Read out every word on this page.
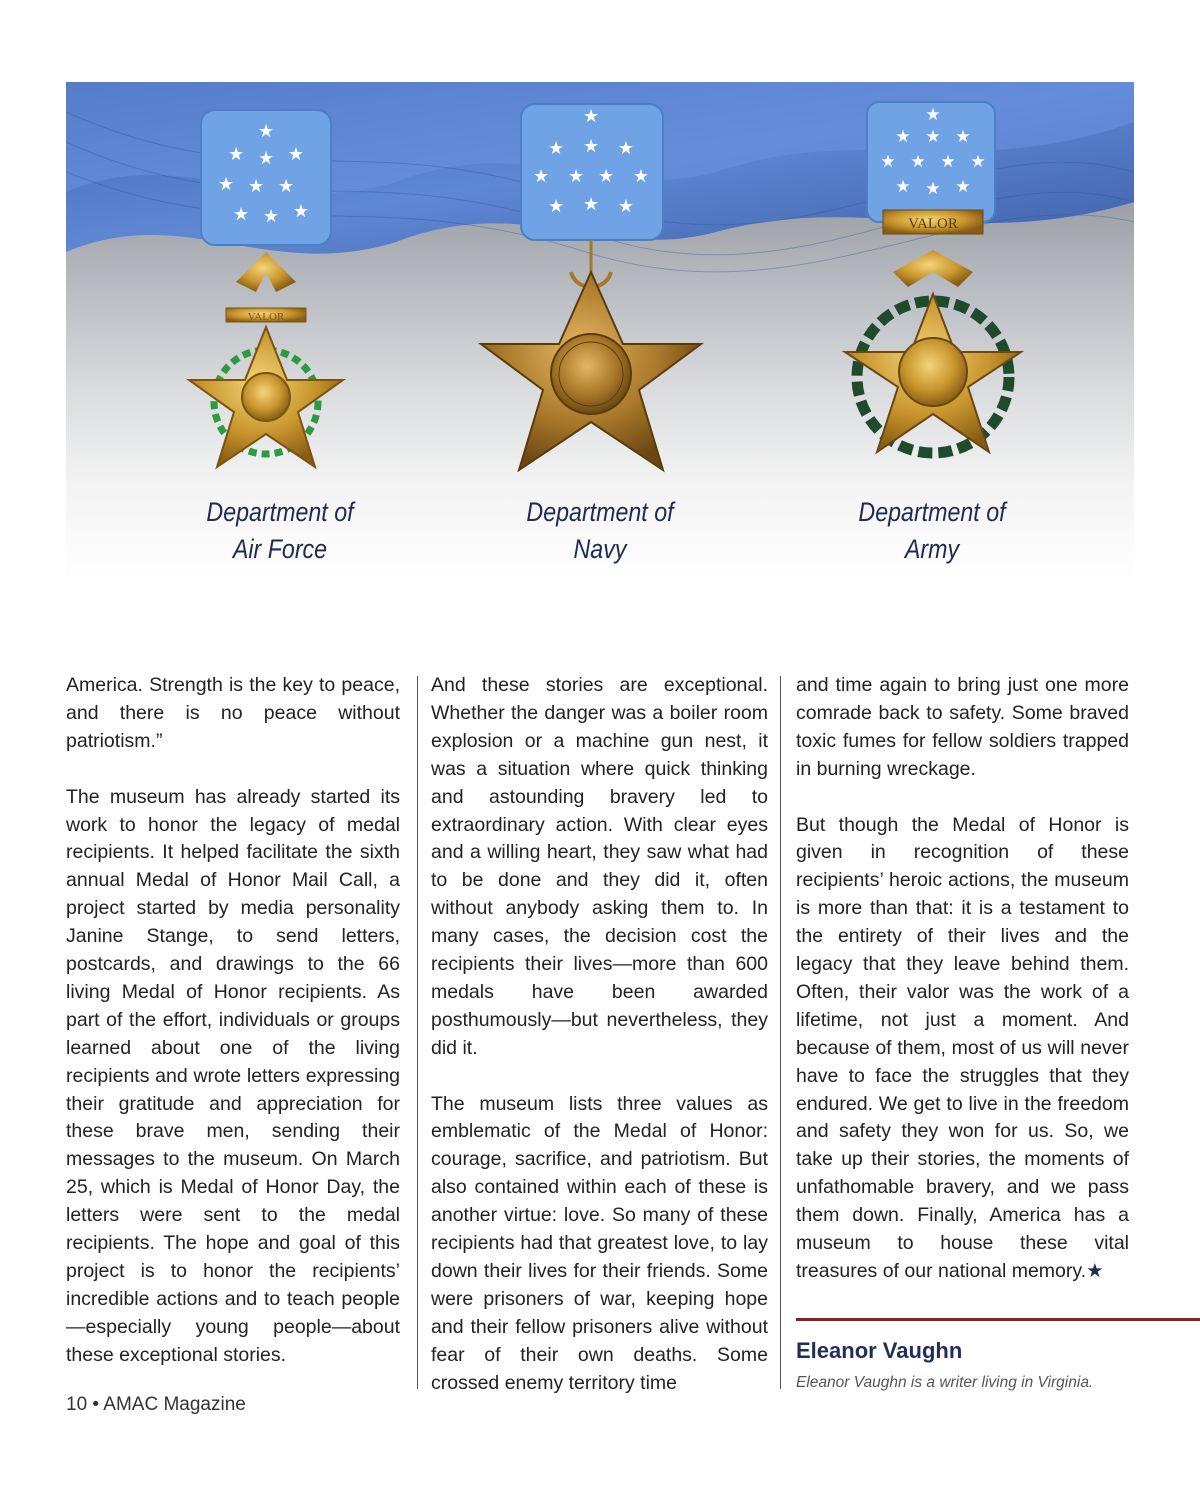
★
★ ★ ★
★ ★ ★
★ ★ ★
VALOR
★
★ ★ ★
★ ★ ★ ★
★ ★ ★
★
★ ★ ★
★ ★ ★ ★
★ ★ ★
VALOR
Department of
Air Force
Department of
Navy
Department of
Army

America. Strength is the key to peace, and there is no peace without patriotism.”

The museum has already started its work to honor the legacy of medal recipients. It helped facilitate the sixth annual Medal of Honor Mail Call, a project started by media personality Janine Stange, to send letters, postcards, and drawings to the 66 living Medal of Honor recipients. As part of the effort, individuals or groups learned about one of the living recipients and wrote letters expressing their gratitude and appreciation for these brave men, sending their messages to the museum. On March 25, which is Medal of Honor Day, the letters were sent to the medal recipients. The hope and goal of this project is to honor the recipients’ incredible actions and to teach people—especially young people—about these exceptional stories.

And these stories are exceptional. Whether the danger was a boiler room explosion or a machine gun nest, it was a situation where quick thinking and astounding bravery led to extraordinary action. With clear eyes and a willing heart, they saw what had to be done and they did it, often without anybody asking them to. In many cases, the decision cost the recipients their lives—more than 600 medals have been awarded posthumously—but nevertheless, they did it.

The museum lists three values as emblematic of the Medal of Honor: courage, sacrifice, and patriotism. But also contained within each of these is another virtue: love. So many of these recipients had that greatest love, to lay down their lives for their friends. Some were prisoners of war, keeping hope and their fellow prisoners alive without fear of their own deaths. Some crossed enemy territory time

and time again to bring just one more comrade back to safety. Some braved toxic fumes for fellow soldiers trapped in burning wreckage.

But though the Medal of Honor is given in recognition of these recipients’ heroic actions, the museum is more than that: it is a testament to the entirety of their lives and the legacy that they leave behind them. Often, their valor was the work of a lifetime, not just a moment. And because of them, most of us will never have to face the struggles that they endured. We get to live in the freedom and safety they won for us. So, we take up their stories, the moments of unfathomable bravery, and we pass them down. Finally, America has a museum to house these vital treasures of our national memory.★

Eleanor Vaughn
Eleanor Vaughn is a writer living in Virginia.
10 • AMAC Magazine
